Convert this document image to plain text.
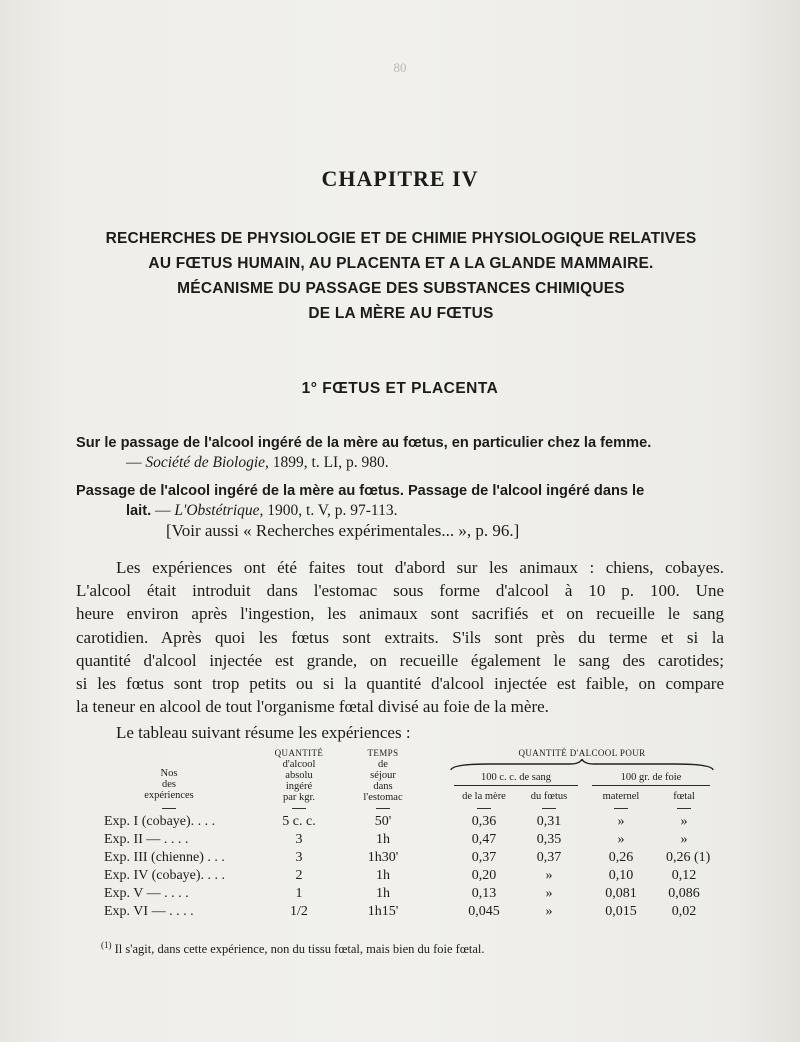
80
CHAPITRE IV
RECHERCHES DE PHYSIOLOGIE ET DE CHIMIE PHYSIOLOGIQUE RELATIVES
AU FŒTUS HUMAIN, AU PLACENTA ET A LA GLANDE MAMMAIRE.
MÉCANISME DU PASSAGE DES SUBSTANCES CHIMIQUES
DE LA MÈRE AU FŒTUS
1° FŒTUS ET PLACENTA
Sur le passage de l'alcool ingéré de la mère au fœtus, en particulier chez la femme.
— Société de Biologie, 1899, t. LI, p. 980.
Passage de l'alcool ingéré de la mère au fœtus. Passage de l'alcool ingéré dans le
lait. — L'Obstétrique, 1900, t. V, p. 97-113.
[Voir aussi « Recherches expérimentales... », p. 96.]
Les expériences ont été faites tout d'abord sur les animaux : chiens, cobayes.
L'alcool était introduit dans l'estomac sous forme d'alcool à 10 p. 100. Une
heure environ après l'ingestion, les animaux sont sacrifiés et on recueille le sang
carotidien. Après quoi les fœtus sont extraits. S'ils sont près du terme et si la
quantité d'alcool injectée est grande, on recueille également le sang des carotides;
si les fœtus sont trop petits ou si la quantité d'alcool injectée est faible, on compare
la teneur en alcool de tout l'organisme fœtal divisé au foie de la mère.
Le tableau suivant résume les expériences :
Nos
des
expériences
QUANTITÉ
d'alcool
absolu
ingéré
par kgr.
TEMPS
de
séjour
dans
l'estomac
QUANTITÉ D'ALCOOL POUR
100 c. c. de sang	100 gr. de foie
de la mère	du fœtus	maternel	fœtal
Exp. I (cobaye). . . .	5 c. c.	50'	0,36	0,31	»	»
Exp. II — . . . .	3	1h	0,47	0,35	»	»
Exp. III (chienne) . . .	3	1h30'	0,37	0,37	0,26	0,26 (1)
Exp. IV (cobaye). . . .	2	1h	0,20	»	0,10	0,12
Exp. V — . . . .	1	1h	0,13	»	0,081	0,086
Exp. VI — . . . .	1/2	1h15'	0,045	»	0,015	0,02
$^{(1)}$ Il s'agit, dans cette expérience, non du tissu fœtal, mais bien du foie fœtal.
